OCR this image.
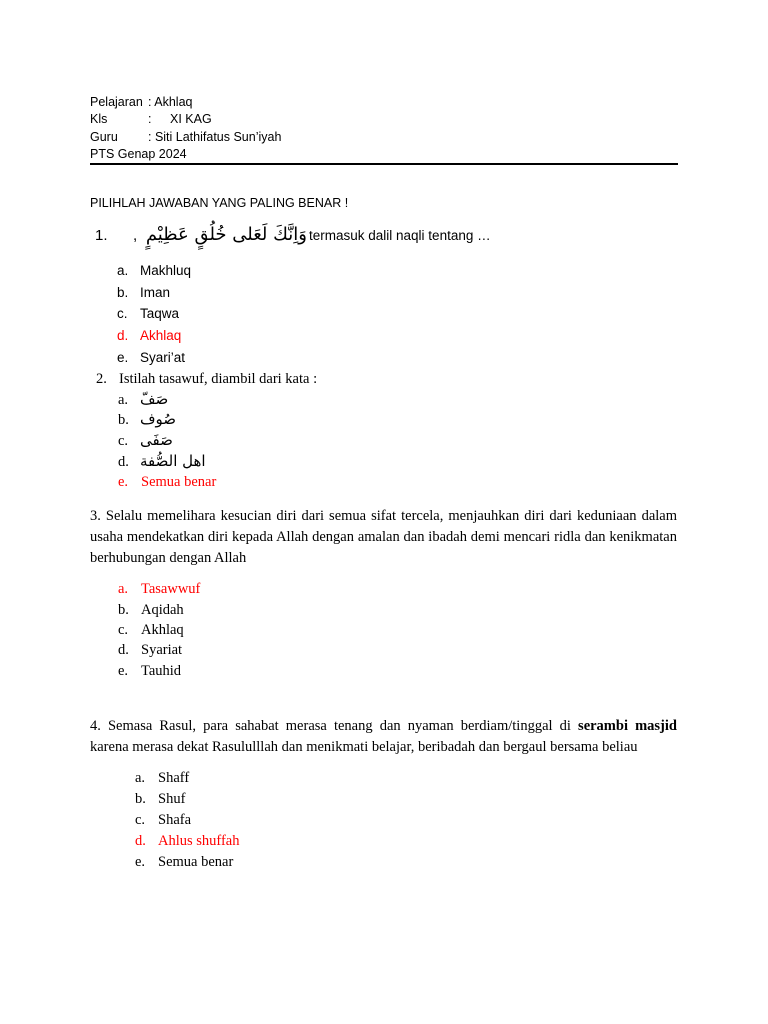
Pelajaran : Akhlaq
Kls	: XI KAG
Guru : Siti Lathifatus Sun’iyah
PTS Genap 2024
PILIHLAH JAWABAN YANG PALING BENAR !
1. , وَاِنَّكَ لَعَلى خُلُقٍ عَظِيْمٍ termasuk dalil naqli tentang …
a. Makhluq
b. Iman
c. Taqwa
d. Akhlaq
e. Syari’at
2. Istilah tasawuf, diambil dari kata :
a. صَفّ
b. صُوف
c. صَفَى
d. اهل الصُّفة
e. Semua benar

3. Selalu memelihara kesucian diri dari semua sifat tercela, menjauhkan diri dari keduniaan dalam usaha mendekatkan diri kepada Allah dengan amalan dan ibadah demi mencari ridla dan kenikmatan berhubungan dengan Allah

a. Tasawwuf
b. Aqidah
c. Akhlaq
d. Syariat
e. Tauhid

4. Semasa Rasul, para sahabat merasa tenang dan nyaman berdiam/tinggal di serambi masjid karena merasa dekat Rasululllah dan menikmati belajar, beribadah dan bergaul bersama beliau

a. Shaff
b. Shuf
c. Shafa
d. Ahlus shuffah
e. Semua benar
